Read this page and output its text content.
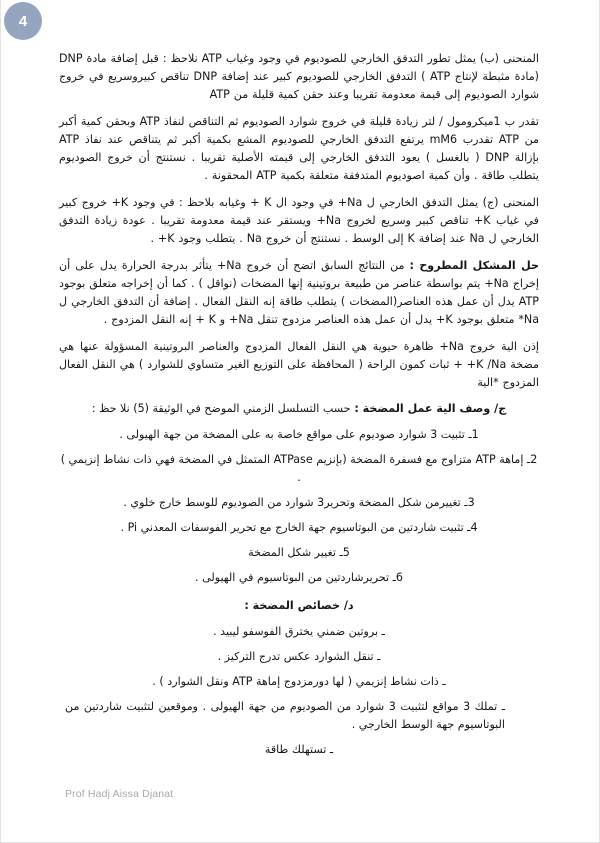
4

المنحنى (ب) يمثل تطور التدفق الخارجي للصوديوم في وجود وغياب ATP نلاحظ : قبل إضافة مادة DNP (مادة مثبطة لإنتاج ATP ) التدفق الخارجي للصوديوم كبير عند إضافة DNP تناقص كبيروسريع في خروج شوارد الصوديوم إلى قيمة معدومة تقريبا وعند حقن كمية قليلة من ATP

تقدر ب 1ميكرومول / لتر زيادة قليلة في خروج شوارد الصوديوم ثم التناقص لنفاذ ATP وبحقن كمية أكبر من ATP تقدرب mM6 يرتفع التدفق الخارجي للصوديوم المشع بكمية أكبر ثم يتناقص عند نفاذ ATP بإزالة DNP ( بالغسل ) يعود التدفق الخارجي إلى قيمته الأصلية تقريبا . نستنتج أن خروج الصوديوم يتطلب طاقة . وأن كمية اصوديوم المتدفقة متعلقة بكمية ATP المحقونة .

المنحنى (ج) يمثل التدفق الخارجي ل Na+ في وجود ال K + وغيابه بلاحظ : في وجود K+ خروج كبير في غياب K+ تناقص كبير وسريع لخروج Na+ ويستقر عند قيمة معدومة تقريبا . عودة زيادة التدفق الخارجي ل Na عند إضافة K إلى الوسط . نستنتج أن خروج Na . يتطلب وجود K+ .

حل المشكل المطروح : من النتائج السابق اتضح أن خروج Na+ يتأثر بدرجة الحرارة يدل على أن إخراج Na+ يتم بواسطة عناصر من طبيعة بروتينية إنها المضخات (نواقل ) . كما أن إخراجه متعلق بوجود ATP يدل أن عمل هذه العناصر(المضخات ) يتطلب طاقة إنه النقل الفعال . إضافة أن التدفق الخارجي ل Na* متعلق بوجود K+ يدل أن عمل هذه العناصر مزدوج تنقل Na+ و K + إنه النقل المزدوج .

إذن الية خروج Na+ ظاهرة حيوية هي النقل الفعال المزدوج والعناصر البروتينية المسؤولة عنها هي مضخة K /Na+ + ثبات كمون الراحة ( المحافظة على التوزيع الغير متساوي للشوارد ) هي النقل الفعال المزدوج *الية

ج/ وصف الية عمل المضخة : حسب التسلسل الزمني الموضح في الوثيقة (5) نلا حظ :

1ـ تثبيت 3 شوارد صوديوم على مواقع خاصة به على المضخة من جهة الهيولى .
2ـ إماهة ATP متزاوج مع فسفرة المضخة (بإنزيم ATPase المتمثل في المضخة فهي ذات نشاط إنزيمي ) .
3ـ تغييرمن شكل المضخة وتحرير3 شوارد من الصوديوم للوسط خارج خلوي .
4ـ تثبيت شاردتين من البوتاسيوم جهة الخارج مع تحرير الفوسفات المعدني Pi .
5ـ تغيير شكل المضخة
6ـ تحريرشاردتين من البوتاسيوم في الهيولى .

د/ خصائص المضخة :

ـ بروتين ضمني يخترق الفوسفو ليبيد .
ـ تنقل الشوارد عكس تدرج التركيز .
ـ ذات نشاط إنزيمي ( لها دورمزدوج إماهة ATP ونقل الشوارد ) .
ـ تملك 3 مواقع لتثبيت 3 شوارد من الصوديوم من جهة الهيولى . وموقعين لتثبيت شاردتين من البوتاسيوم جهة الوسط الخارجي .
ـ تستهلك طاقة
Prof Hadj Aissa Djanat
